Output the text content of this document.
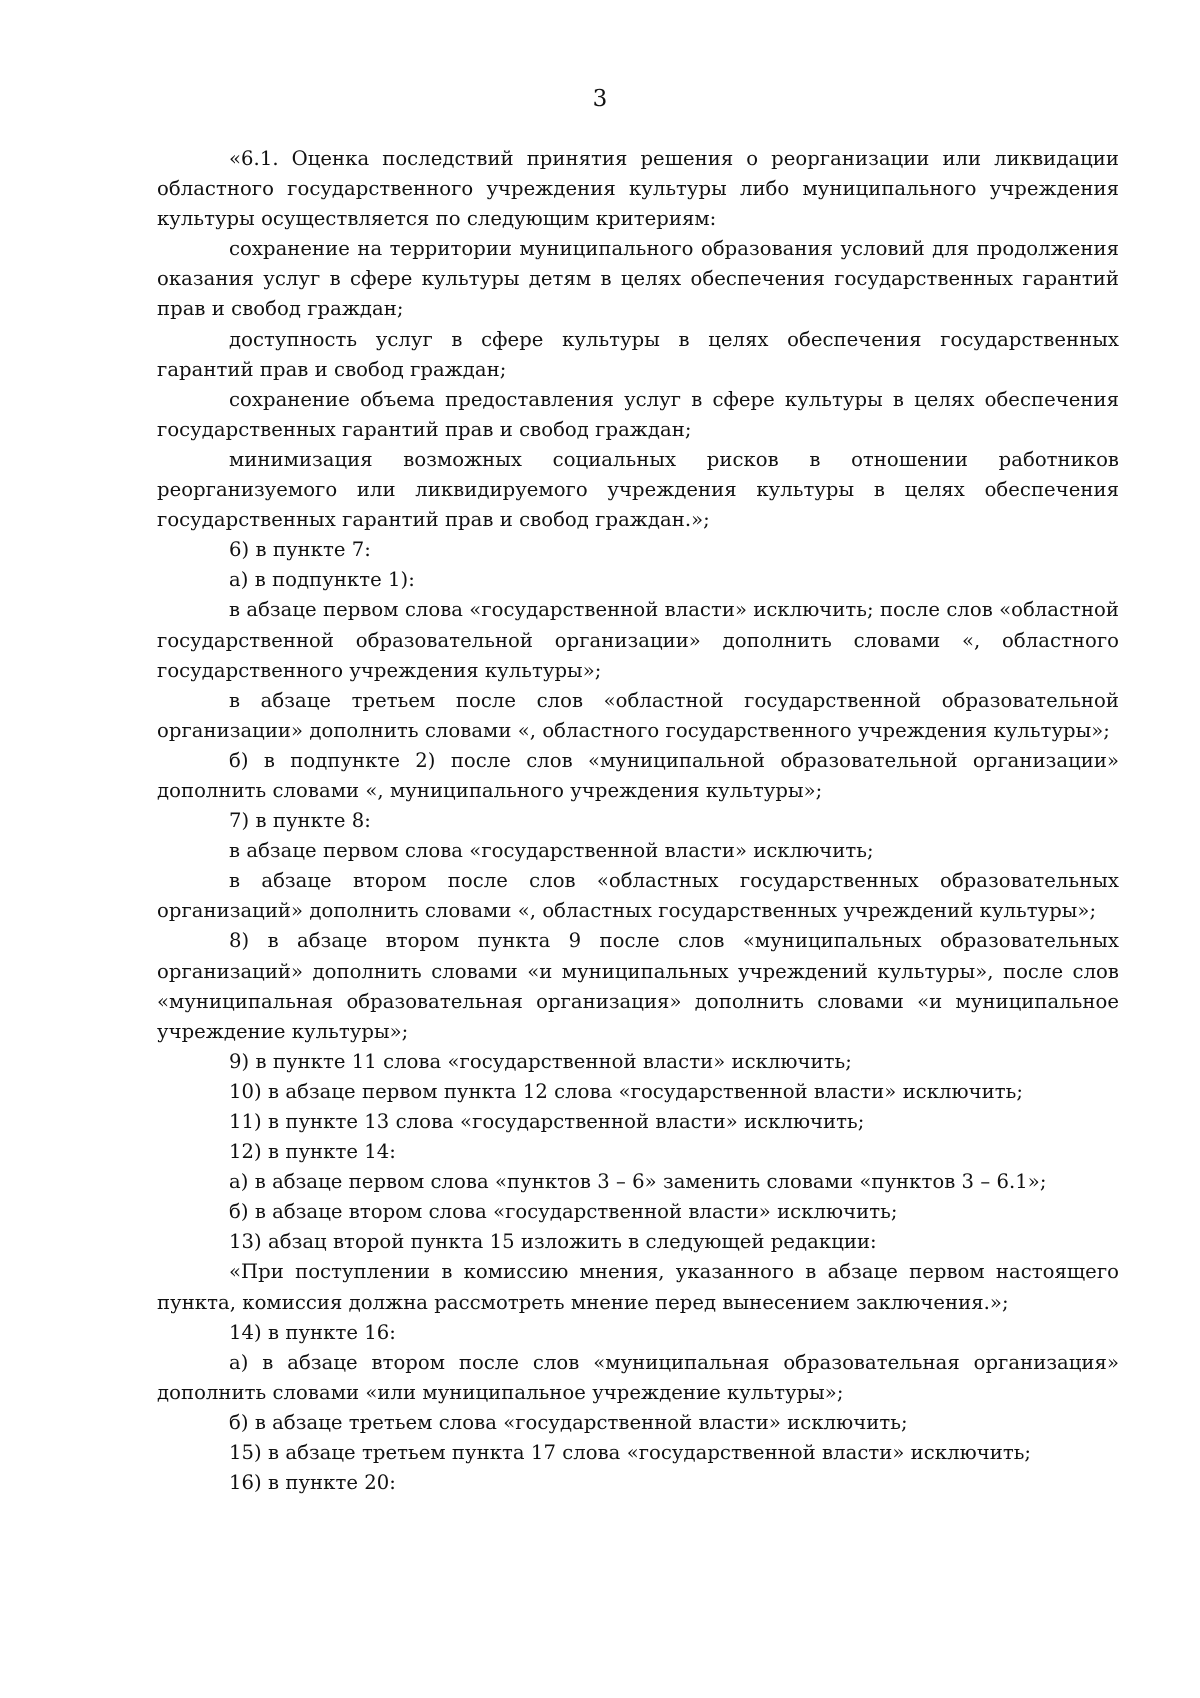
3

«6.1. Оценка последствий принятия решения о реорганизации или ликвидации областного государственного учреждения культуры либо муниципального учреждения культуры осуществляется по следующим критериям:

сохранение на территории муниципального образования условий для продолжения оказания услуг в сфере культуры детям в целях обеспечения государственных гарантий прав и свобод граждан;

доступность услуг в сфере культуры в целях обеспечения государственных гарантий прав и свобод граждан;

сохранение объема предоставления услуг в сфере культуры в целях обеспечения государственных гарантий прав и свобод граждан;

минимизация возможных социальных рисков в отношении работников реорганизуемого или ликвидируемого учреждения культуры в целях обеспечения государственных гарантий прав и свобод граждан.»;

6) в пункте 7:

а) в подпункте 1):

в абзаце первом слова «государственной власти» исключить; после слов «областной государственной образовательной организации» дополнить словами «, областного государственного учреждения культуры»;

в абзаце третьем после слов «областной государственной образовательной организации» дополнить словами «, областного государственного учреждения культуры»;

б) в подпункте 2) после слов «муниципальной образовательной организации» дополнить словами «, муниципального учреждения культуры»;

7) в пункте 8:

в абзаце первом слова «государственной власти» исключить;

в абзаце втором после слов «областных государственных образовательных организаций» дополнить словами «, областных государственных учреждений культуры»;

8) в абзаце втором пункта 9 после слов «муниципальных образовательных организаций» дополнить словами «и муниципальных учреждений культуры», после слов «муниципальная образовательная организация» дополнить словами «и муниципальное учреждение культуры»;

9) в пункте 11 слова «государственной власти» исключить;

10) в абзаце первом пункта 12 слова «государственной власти» исключить;

11) в пункте 13 слова «государственной власти» исключить;

12) в пункте 14:

а) в абзаце первом слова «пунктов 3 – 6» заменить словами «пунктов 3 – 6.1»;

б) в абзаце втором слова «государственной власти» исключить;

13) абзац второй пункта 15 изложить в следующей редакции:

«При поступлении в комиссию мнения, указанного в абзаце первом настоящего пункта, комиссия должна рассмотреть мнение перед вынесением заключения.»;

14) в пункте 16:

а) в абзаце втором после слов «муниципальная образовательная организация» дополнить словами «или муниципальное учреждение культуры»;

б) в абзаце третьем слова «государственной власти» исключить;

15) в абзаце третьем пункта 17 слова «государственной власти» исключить;

16) в пункте 20:
